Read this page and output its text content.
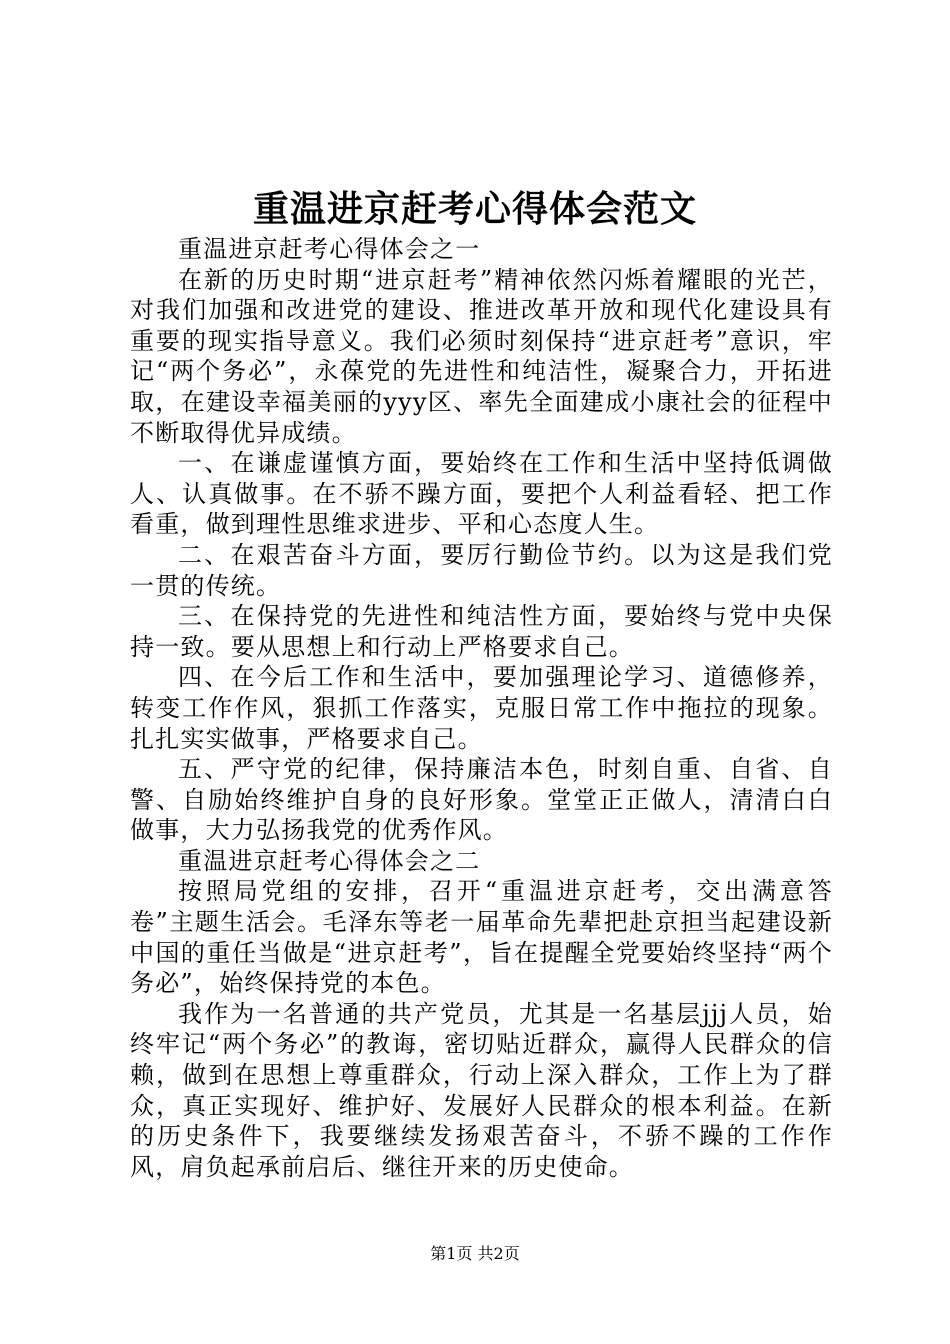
重温进京赶考心得体会范文

重温进京赶考心得体会之一

在新的历史时期“进京赶考”精神依然闪烁着耀眼的光芒，对我们加强和改进党的建设、推进改革开放和现代化建设具有重要的现实指导意义。我们必须时刻保持“进京赶考”意识，牢记“两个务必”，永葆党的先进性和纯洁性，凝聚合力，开拓进取，在建设幸福美丽的yyy区、率先全面建成小康社会的征程中不断取得优异成绩。

一、在谦虚谨慎方面，要始终在工作和生活中坚持低调做人、认真做事。在不骄不躁方面，要把个人利益看轻、把工作看重，做到理性思维求进步、平和心态度人生。

二、在艰苦奋斗方面，要厉行勤俭节约。以为这是我们党一贯的传统。

三、在保持党的先进性和纯洁性方面，要始终与党中央保持一致。要从思想上和行动上严格要求自己。

四、在今后工作和生活中，要加强理论学习、道德修养，转变工作作风，狠抓工作落实，克服日常工作中拖拉的现象。扎扎实实做事，严格要求自己。

五、严守党的纪律，保持廉洁本色，时刻自重、自省、自警、自励始终维护自身的良好形象。堂堂正正做人，清清白白做事，大力弘扬我党的优秀作风。

重温进京赶考心得体会之二

按照局党组的安排，召开“重温进京赶考，交出满意答卷”主题生活会。毛泽东等老一届革命先辈把赴京担当起建设新中国的重任当做是“进京赶考”，旨在提醒全党要始终坚持“两个务必”，始终保持党的本色。

我作为一名普通的共产党员，尤其是一名基层jjj人员，始终牢记“两个务必”的教诲，密切贴近群众，赢得人民群众的信赖，做到在思想上尊重群众，行动上深入群众，工作上为了群众，真正实现好、维护好、发展好人民群众的根本利益。在新的历史条件下，我要继续发扬艰苦奋斗，不骄不躁的工作作风，肩负起承前启后、继往开来的历史使命。

第1页 共2页
